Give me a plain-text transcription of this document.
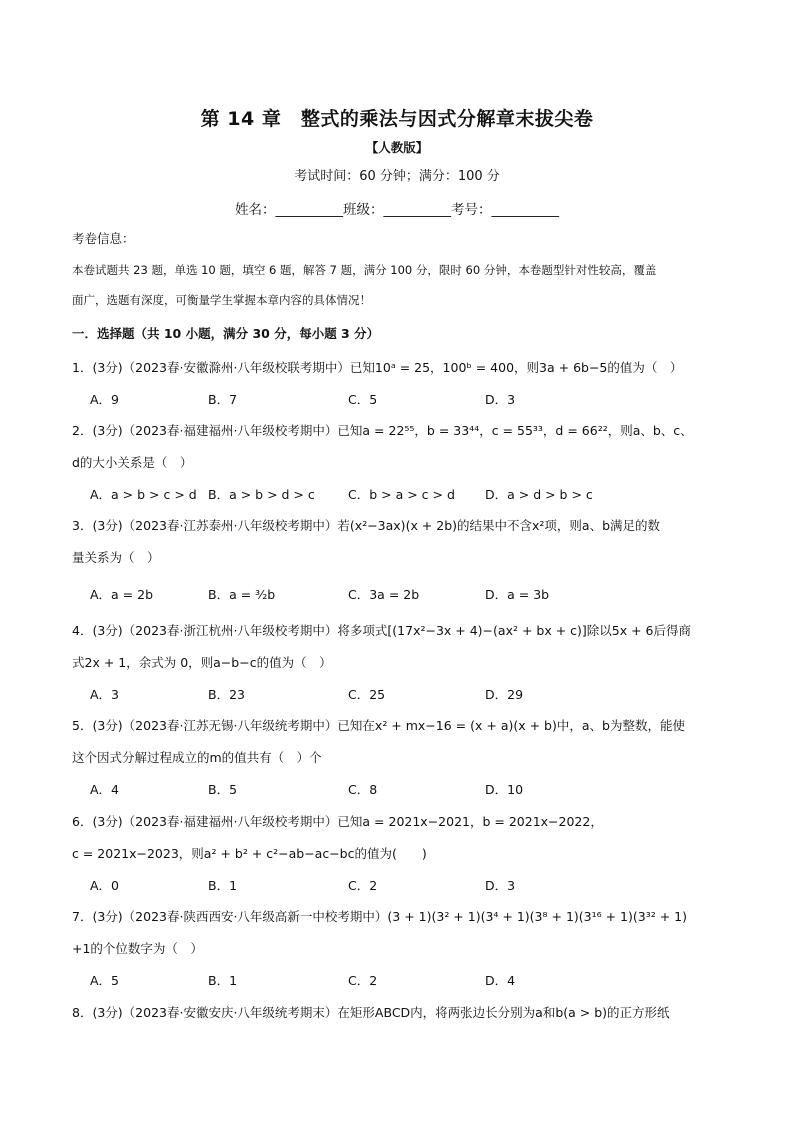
第 14 章　整式的乘法与因式分解章末拔尖卷
【人教版】
考试时间：60 分钟；满分：100 分
姓名：__________班级：__________考号：__________
考卷信息：
本卷试题共 23 题，单选 10 题，填空 6 题，解答 7 题，满分 100 分，限时 60 分钟，本卷题型针对性较高，覆盖
面广，选题有深度，可衡量学生掌握本章内容的具体情况！
一．选择题（共 10 小题，满分 30 分，每小题 3 分）
1．(3分)（2023春·安徽滁州·八年级校联考期中）已知10ᵃ = 25，100ᵇ = 400，则3a + 6b−5的值为（　）
A．9	B．7	C．5	D．3
2．(3分)（2023春·福建福州·八年级校考期中）已知a = 22⁵⁵，b = 33⁴⁴，c = 55³³，d = 66²²，则a、b、c、
d的大小关系是（　）
A．a > b > c > d B．a > b > d > c	C．b > a > c > d D．a > d > b > c
3．(3分)（2023春·江苏泰州·八年级校考期中）若(x²−3ax)(x + 2b)的结果中不含x²项，则a、b满足的数
量关系为（　）
A．a = 2b	B．a = ³⁄₂b	C．3a = 2b	D．a = 3b
4．(3分)（2023春·浙江杭州·八年级校考期中）将多项式[(17x²−3x + 4)−(ax² + bx + c)]除以5x + 6后得商
式2x + 1，余式为 0，则a−b−c的值为（　）
A．3	B．23	C．25	D．29
5．(3分)（2023春·江苏无锡·八年级统考期中）已知在x² + mx−16 = (x + a)(x + b)中，a、b为整数，能使
这个因式分解过程成立的m的值共有（　）个
A．4	B．5	C．8	D．10
6．(3分)（2023春·福建福州·八年级校考期中）已知a = 2021x−2021，b = 2021x−2022，
c = 2021x−2023，则a² + b² + c²−ab−ac−bc的值为(　　)
A．0	B．1	C．2	D．3
7．(3分)（2023春·陕西西安·八年级高新一中校考期中）(3 + 1)(3² + 1)(3⁴ + 1)(3⁸ + 1)(3¹⁶ + 1)(3³² + 1)
+1的个位数字为（　）
A．5	B．1	C．2	D．4
8．(3分)（2023春·安徽安庆·八年级统考期末）在矩形ABCD内，将两张边长分别为a和b(a > b)的正方形纸
